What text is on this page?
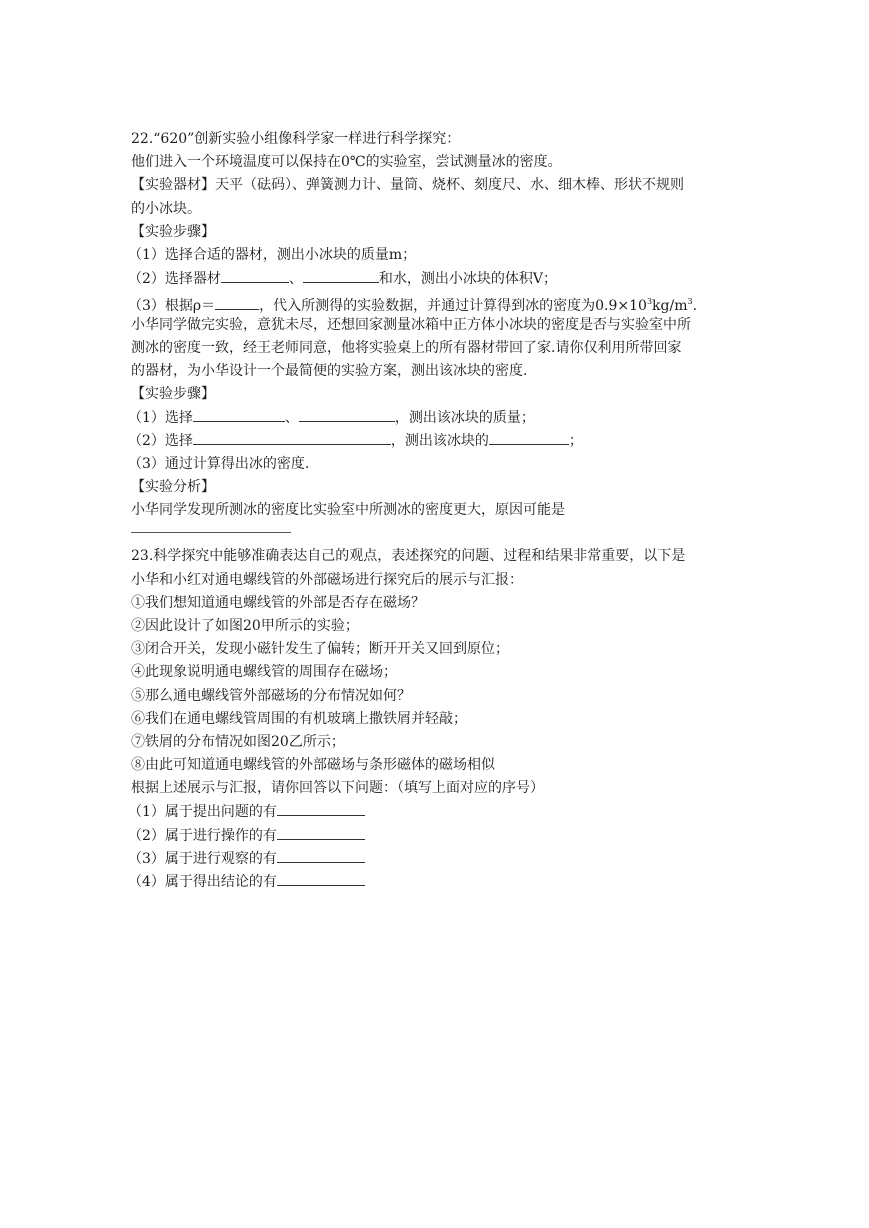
22.“620”创新实验小组像科学家一样进行科学探究：
他们进入一个环境温度可以保持在0℃的实验室，尝试测量冰的密度。
【实验器材】天平（砝码）、弹簧测力计、量筒、烧杯、刻度尺、水、细木棒、形状不规则
的小冰块。
【实验步骤】
（1）选择合适的器材，测出小冰块的质量m；
（2）选择器材	、	和水，测出小冰块的体积V；
（3）根据ρ＝	，代入所测得的实验数据，并通过计算得到冰的密度为$0.9\times 10^3kg/m^3$.
小华同学做完实验，意犹未尽，还想回家测量冰箱中正方体小冰块的密度是否与实验室中所
测冰的密度一致，经王老师同意，他将实验桌上的所有器材带回了家.请你仅利用所带回家
的器材，为小华设计一个最简便的实验方案，测出该冰块的密度.
【实验步骤】
（1）选择	、	，测出该冰块的质量；
（2）选择	，测出该冰块的	；
（3）通过计算得出冰的密度.
【实验分析】
小华同学发现所测冰的密度比实验室中所测冰的密度更大，原因可能是
23.科学探究中能够准确表达自己的观点，表述探究的问题、过程和结果非常重要，以下是
小华和小红对通电螺线管的外部磁场进行探究后的展示与汇报：
①我们想知道通电螺线管的外部是否存在磁场？
②因此设计了如图20甲所示的实验；
③闭合开关，发现小磁针发生了偏转；断开开关又回到原位；
④此现象说明通电螺线管的周围存在磁场；
⑤那么通电螺线管外部磁场的分布情况如何？
⑥我们在通电螺线管周围的有机玻璃上撒铁屑并轻敲；
⑦铁屑的分布情况如图20乙所示；
⑧由此可知道通电螺线管的外部磁场与条形磁体的磁场相似
根据上述展示与汇报，请你回答以下问题：（填写上面对应的序号）
（1）属于提出问题的有
（2）属于进行操作的有
（3）属于进行观察的有
（4）属于得出结论的有
